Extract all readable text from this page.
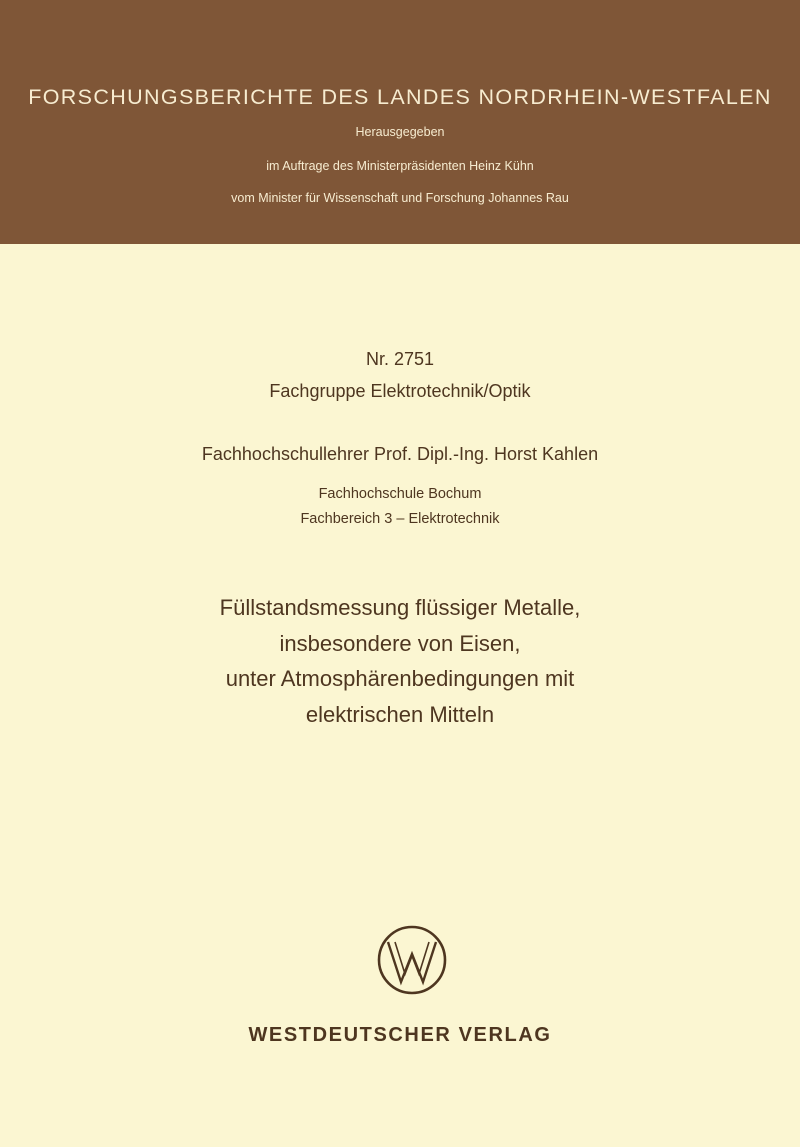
FORSCHUNGSBERICHTE DES LANDES NORDRHEIN-WESTFALEN
Herausgegeben
im Auftrage des Ministerpräsidenten Heinz Kühn
vom Minister für Wissenschaft und Forschung Johannes Rau
Nr. 2751
Fachgruppe Elektrotechnik/Optik
Fachhochschullehrer Prof. Dipl.-Ing. Horst Kahlen
Fachhochschule Bochum
Fachbereich 3 – Elektrotechnik
Füllstandsmessung flüssiger Metalle,
insbesondere von Eisen,
unter Atmosphärenbedingungen mit
elektrischen Mitteln
WESTDEUTSCHER VERLAG
